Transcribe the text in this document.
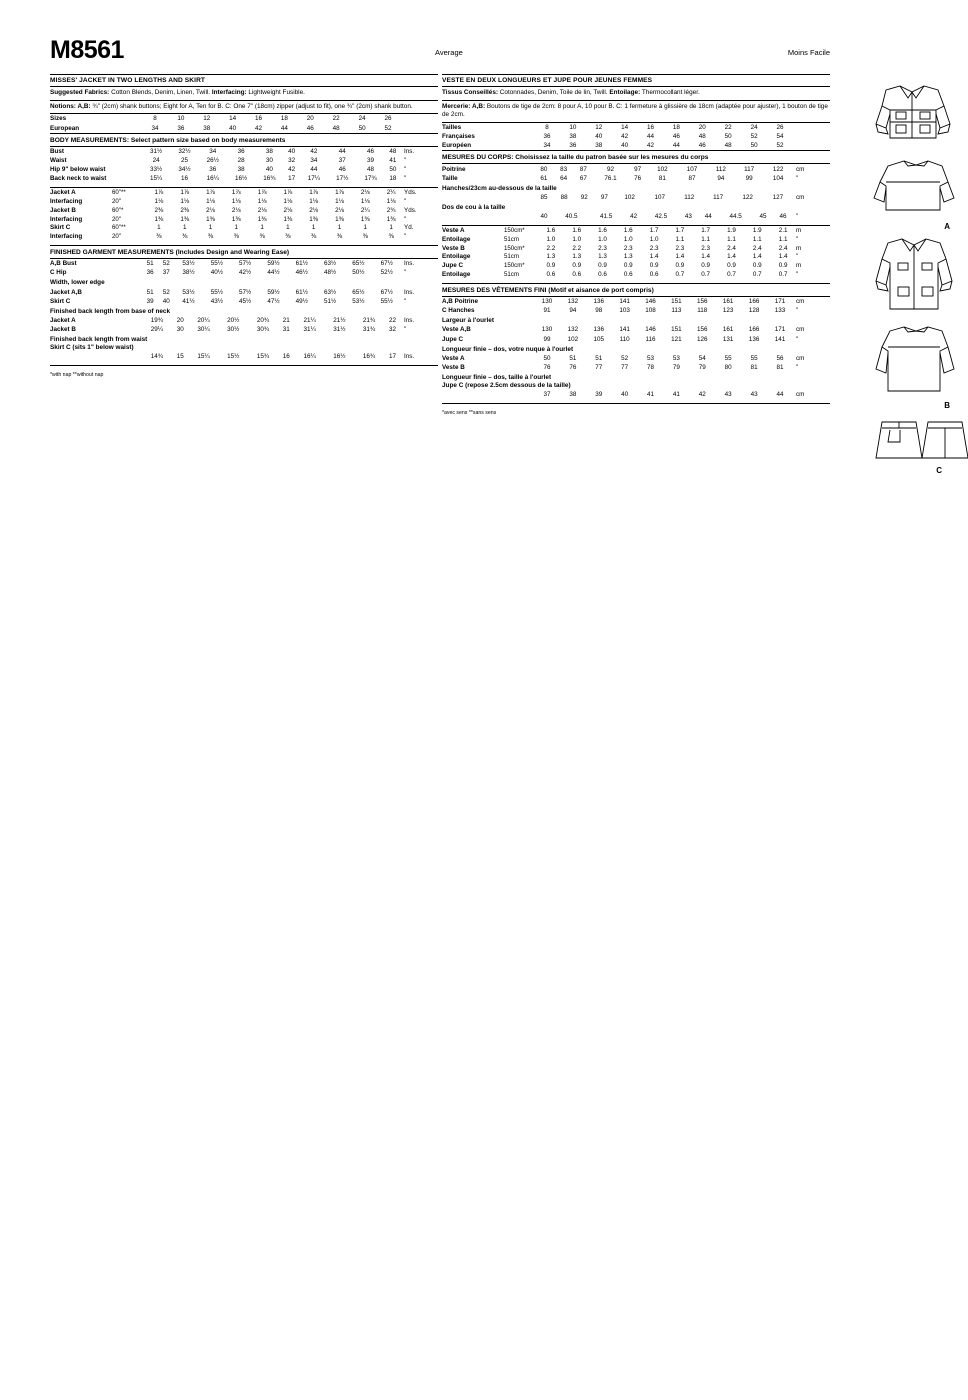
M8561	Average	Moins Facile
MISSES' JACKET IN TWO LENGTHS AND SKIRT
Suggested Fabrics: Cotton Blends, Denim, Linen, Twill. Interfacing: Lightweight Fusible.
Notions: A,B: ¾" (2cm) shank buttons; Eight for A, Ten for B. C: One 7" (18cm) zipper (adjust to fit), one ¾" (2cm) shank button.
Sizes	8	10	12	14	16	18	20	22	24	26	
European	34	36	38	40	42	44	46	48	50	52	
BODY MEASUREMENTS: Select pattern size based on body measurements
Bust	31½	32½	34	36	38	40	42	44	46	48	Ins.
Waist	24	25	26½	28	30	32	34	37	39	41	"
Hip 9" below waist	33½	34½	36	38	40	42	44	46	48	50	"
Back neck to waist	15¼	16	16¼	16½	16¾	17	17¼	17½	17¾	18	"
Jacket A	60"**	1⅞	1⅞	1⅞	1⅞	1⅞	1⅞	1⅞	1⅞	2⅛	2¼	Yds.
Interfacing	20"	1⅛	1⅛	1⅛	1⅛	1⅛	1⅛	1⅛	1⅛	1⅛	1⅛	"
Jacket B	60"*	2⅜	2⅜	2⅛	2⅛	2⅛	2⅛	2⅛	2⅛	2¼	2¾	Yds.
Interfacing	20"	1⅜	1⅜	1⅜	1⅜	1⅜	1⅜	1⅜	1⅜	1⅜	1⅜	"
Skirt C	60"**	1	1	1	1	1	1	1	1	1	1	Yd.
Interfacing	20"	⅜	⅜	⅜	⅜	⅜	⅜	⅜	⅜	⅜	⅜	"
FINISHED GARMENT MEASUREMENTS (Includes Design and Wearing Ease)
A,B Bust	51	52	53½	55½	57½	59½	61½	63½	65½	67½	Ins.
C Hip	36	37	38½	40½	42½	44½	46½	48½	50½	52½	"
Width, lower edge
Jacket A,B	51	52	53½	55½	57½	59½	61½	63½	65½	67½	Ins.
Skirt C	39	40	41½	43½	45½	47½	49½	51½	53½	55½	"
Finished back length from base of neck
Jacket A	19¾	20	20¼	20½	20¾	21	21¼	21½	21¾	22	Ins.
Jacket B	29¼	30	30¼	30½	30¾	31	31¼	31½	31¾	32	"
Finished back length from waist
Skirt C (sits 1" below waist)
	14¾	15	15¼	15½	15¾	16	16¼	16½	16¾	17	Ins.
*with nap **without nap
VESTE EN DEUX LONGUEURS ET JUPE POUR JEUNES FEMMES
Tissus Conseillés: Cotonnades, Denim, Toile de lin, Twill. Entoilage: Thermocollant léger.
Mercerie: A,B: Boutons de tige de 2cm: 8 pour A, 10 pour B. C: 1 fermeture à glissière de 18cm (adaptée pour ajuster), 1 bouton de tige de 2cm.
Tailles	8	10	12	14	16	18	20	22	24	26	
Françaises	36	38	40	42	44	46	48	50	52	54	
Européen	34	36	38	40	42	44	46	48	50	52	
MESURES DU CORPS: Choisissez la taille du patron basée sur les mesures du corps
Poitrine	80	83	87	92	97	102	107	112	117	122	cm
Taille	61	64	67	76.1	76	81	87	94	99	104	"
Hanches/23cm au-dessous de la taille
	85	88	92	97	102	107	112	117	122	127	cm
Dos de cou à la taille
	40	40.5	41.5	42	42.5	43	44	44.5	45	46	"
Veste A	150cm*	1.6	1.6	1.6	1.6	1.7	1.7	1.7	1.9	1.9	2.1	m
Entoilage	51cm	1.0	1.0	1.0	1.0	1.0	1.1	1.1	1.1	1.1	1.1	"
Veste B	150cm*	2.2	2.2	2.3	2.3	2.3	2.3	2.3	2.4	2.4	2.4	m
Entoilage	51cm	1.3	1.3	1.3	1.3	1.4	1.4	1.4	1.4	1.4	1.4	"
Jupe C	150cm*	0.9	0.9	0.9	0.9	0.9	0.9	0.9	0.9	0.9	0.9	m
Entoilage	51cm	0.6	0.6	0.6	0.6	0.6	0.7	0.7	0.7	0.7	0.7	"
MESURES DES VÊTEMENTS FINI (Motif et aisance de port compris)
A,B Poitrine	130	132	136	141	146	151	156	161	166	171	cm
C Hanches	91	94	98	103	108	113	118	123	128	133	"
Largeur à l'ourlet
Veste A,B	130	132	136	141	146	151	156	161	166	171	cm
Jupe C	99	102	105	110	116	121	126	131	136	141	"
Longueur finie – dos, votre nuque à l'ourlet
Veste A	50	51	51	52	53	53	54	55	55	56	cm
Veste B	76	76	77	77	78	79	79	80	81	81	"
Longueur finie – dos, taille à l'ourlet
Jupe C (repose 2.5cm dessous de la taille)
	37	38	39	40	41	41	42	43	43	44	cm
*avec sens **sans sens
A
B
C
